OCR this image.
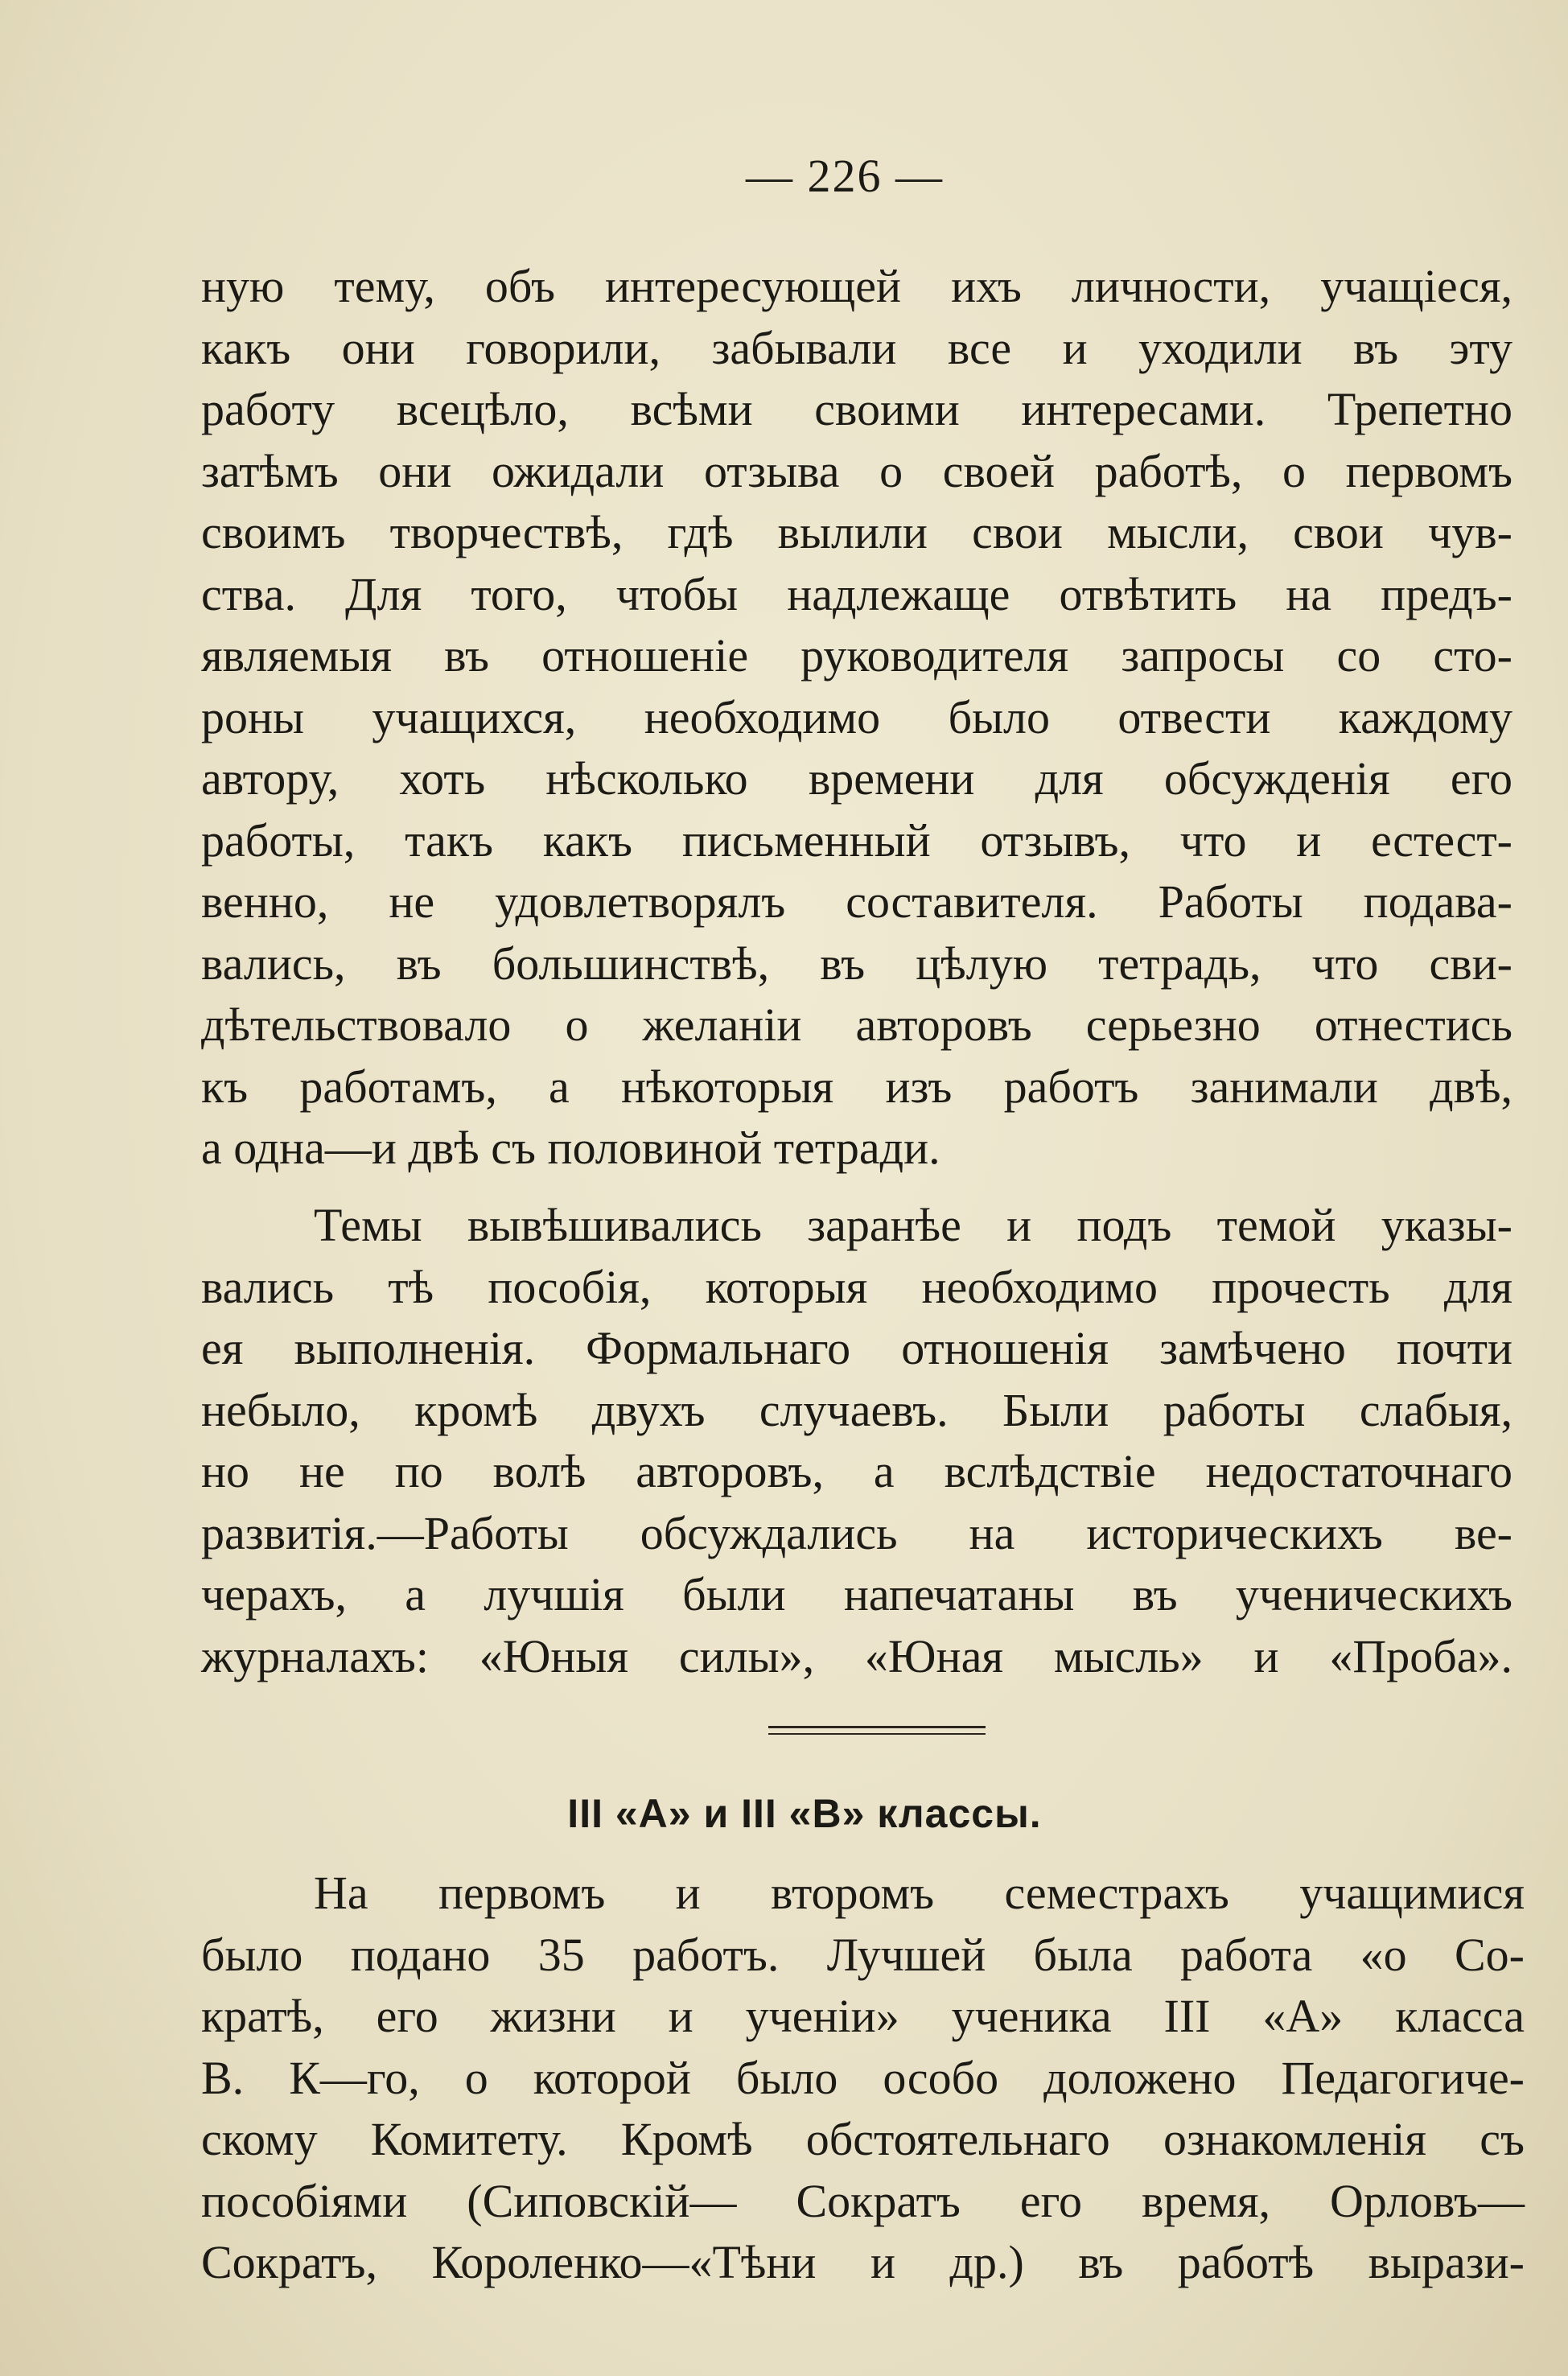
— 226 —
ную тему, объ интересующей ихъ личности, учащіеся,
какъ они говорили, забывали все и уходили въ эту
работу всецѣло, всѣми своими интересами. Трепетно
затѣмъ они ожидали отзыва о своей работѣ, о первомъ
своимъ творчествѣ, гдѣ вылили свои мысли, свои чув-
ства. Для того, чтобы надлежаще отвѣтить на предъ-
являемыя въ отношеніе руководителя запросы со сто-
роны учащихся, необходимо было отвести каждому
автору, хоть нѣсколько времени для обсужденія его
работы, такъ какъ письменный отзывъ, что и естест-
венно, не удовлетворялъ составителя. Работы подава-
вались, въ большинствѣ, въ цѣлую тетрадь, что сви-
дѣтельствовало о желаніи авторовъ серьезно отнестись
къ работамъ, а нѣкоторыя изъ работъ занимали двѣ,
а одна—и двѣ съ половиной тетради.
Темы вывѣшивались заранѣе и подъ темой указы-
вались тѣ пособія, которыя необходимо прочесть для
ея выполненія. Формальнаго отношенія замѣчено почти
небыло, кромѣ двухъ случаевъ. Были работы слабыя,
но не по волѣ авторовъ, а вслѣдствіе недостаточнаго
развитія.—Работы обсуждались на историческихъ ве-
черахъ, а лучшія были напечатаны въ ученическихъ
журналахъ: «Юныя силы», «Юная мысль» и «Проба».
III «А» и III «В» классы.
На первомъ и второмъ семестрахъ учащимися
было подано 35 работъ. Лучшей была работа «о Со-
кратѣ, его жизни и ученіи» ученика III «А» класса
В. К—го, о которой было особо доложено Педагогиче-
скому Комитету. Кромѣ обстоятельнаго ознакомленія съ
пособіями (Сиповскій— Сократъ его время, Орловъ—
Сократъ, Короленко—«Тѣни и др.) въ работѣ вырази-
